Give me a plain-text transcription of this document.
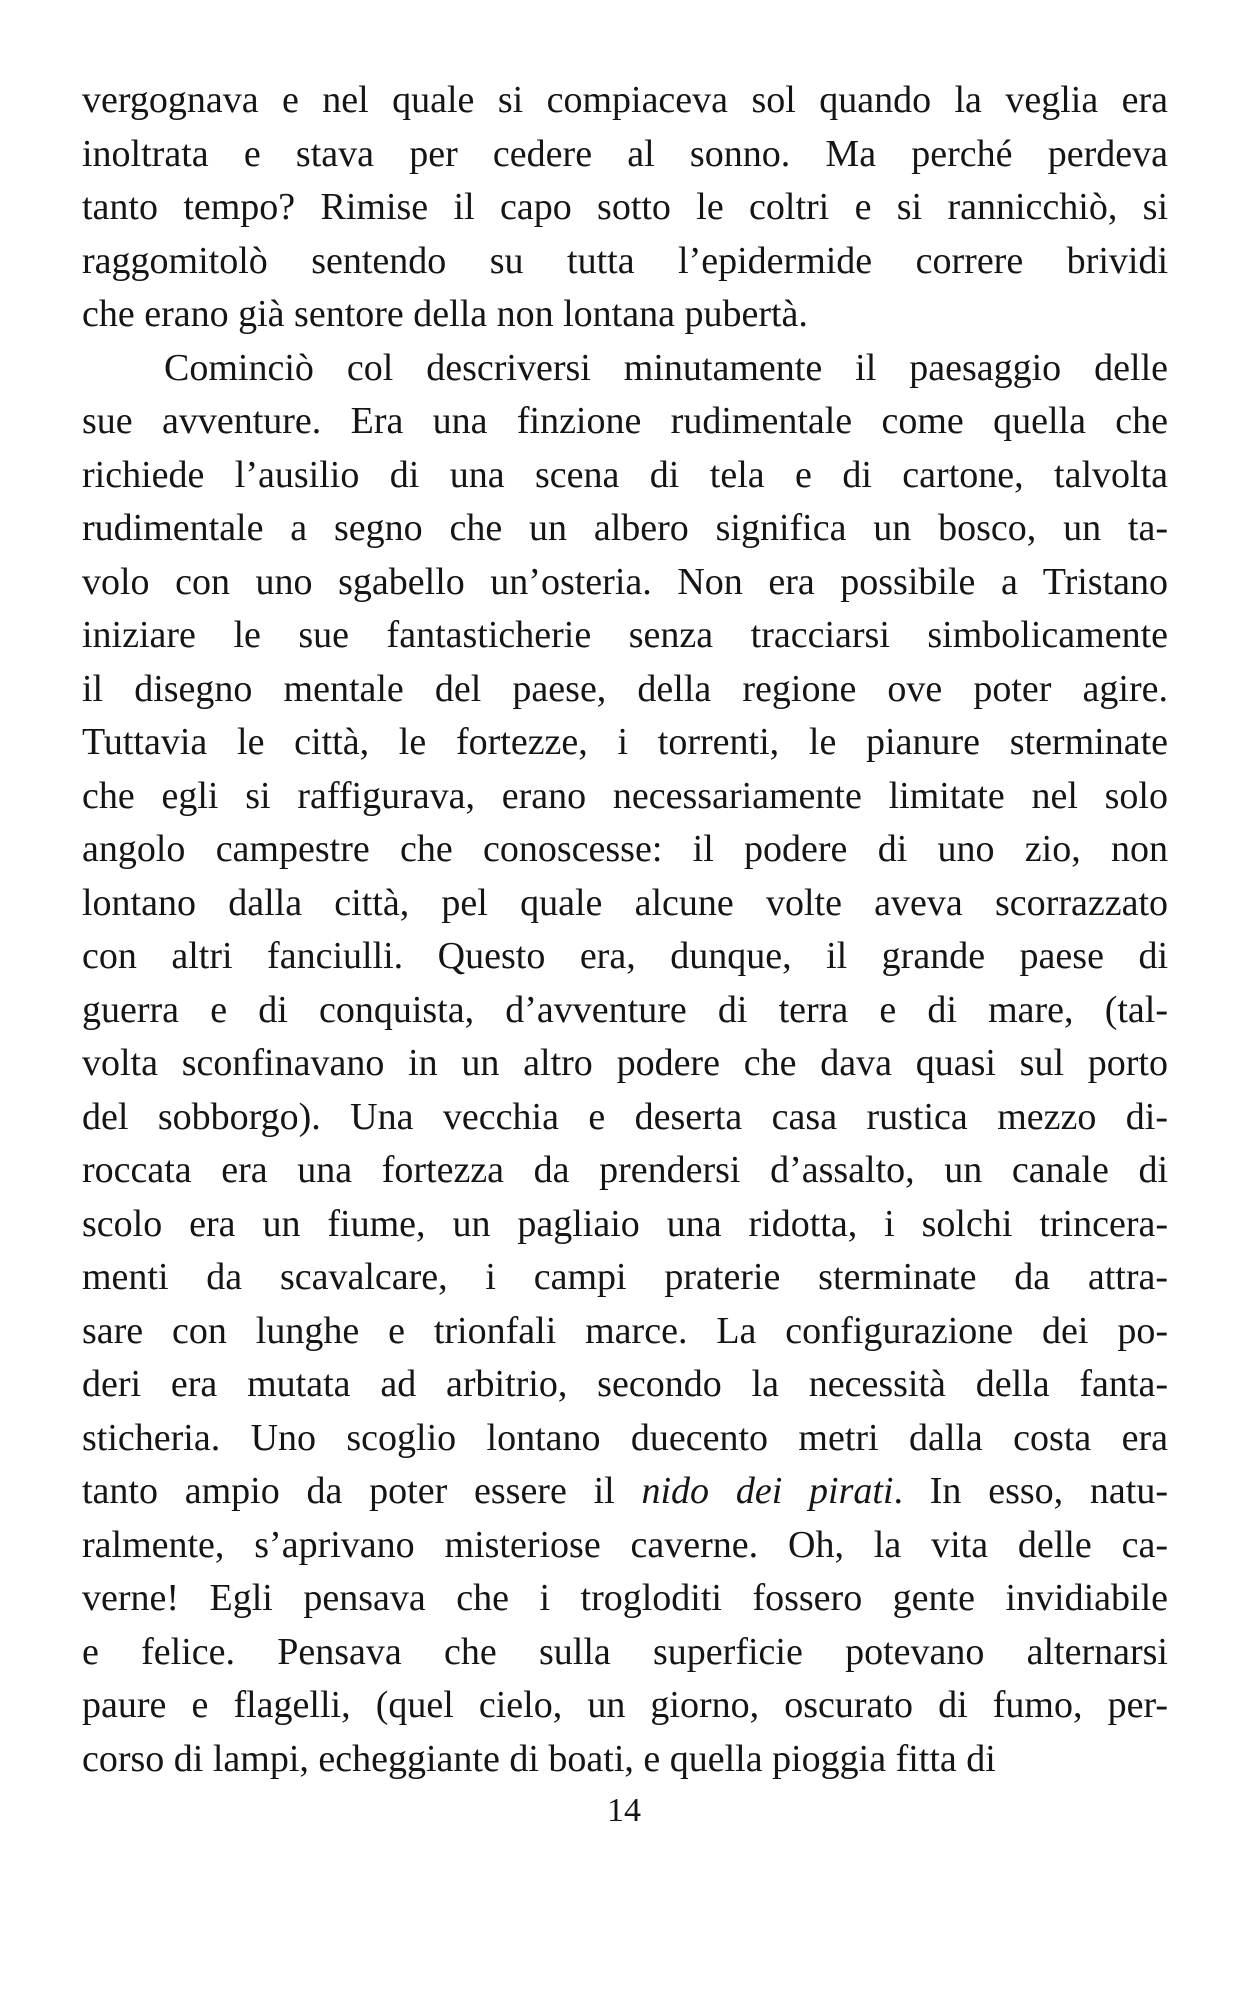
vergognava e nel quale si compiaceva sol quando la veglia era
inoltrata e stava per cedere al sonno. Ma perché perdeva
tanto tempo? Rimise il capo sotto le coltri e si rannicchiò, si
raggomitolò sentendo su tutta l’epidermide correre brividi
che erano già sentore della non lontana pubertà.
Cominciò col descriversi minutamente il paesaggio delle
sue avventure. Era una finzione rudimentale come quella che
richiede l’ausilio di una scena di tela e di cartone, talvolta
rudimentale a segno che un albero significa un bosco, un ta-
volo con uno sgabello un’osteria. Non era possibile a Tristano
iniziare le sue fantasticherie senza tracciarsi simbolicamente
il disegno mentale del paese, della regione ove poter agire.
Tuttavia le città, le fortezze, i torrenti, le pianure sterminate
che egli si raffigurava, erano necessariamente limitate nel solo
angolo campestre che conoscesse: il podere di uno zio, non
lontano dalla città, pel quale alcune volte aveva scorrazzato
con altri fanciulli. Questo era, dunque, il grande paese di
guerra e di conquista, d’avventure di terra e di mare, (tal-
volta sconfinavano in un altro podere che dava quasi sul porto
del sobborgo). Una vecchia e deserta casa rustica mezzo di-
roccata era una fortezza da prendersi d’assalto, un canale di
scolo era un fiume, un pagliaio una ridotta, i solchi trincera-
menti da scavalcare, i campi praterie sterminate da attra-
sare con lunghe e trionfali marce. La configurazione dei po-
deri era mutata ad arbitrio, secondo la necessità della fanta-
sticheria. Uno scoglio lontano duecento metri dalla costa era
tanto ampio da poter essere il nido dei pirati. In esso, natu-
ralmente, s’aprivano misteriose caverne. Oh, la vita delle ca-
verne! Egli pensava che i trogloditi fossero gente invidiabile
e felice. Pensava che sulla superficie potevano alternarsi
paure e flagelli, (quel cielo, un giorno, oscurato di fumo, per-
corso di lampi, echeggiante di boati, e quella pioggia fitta di
14
